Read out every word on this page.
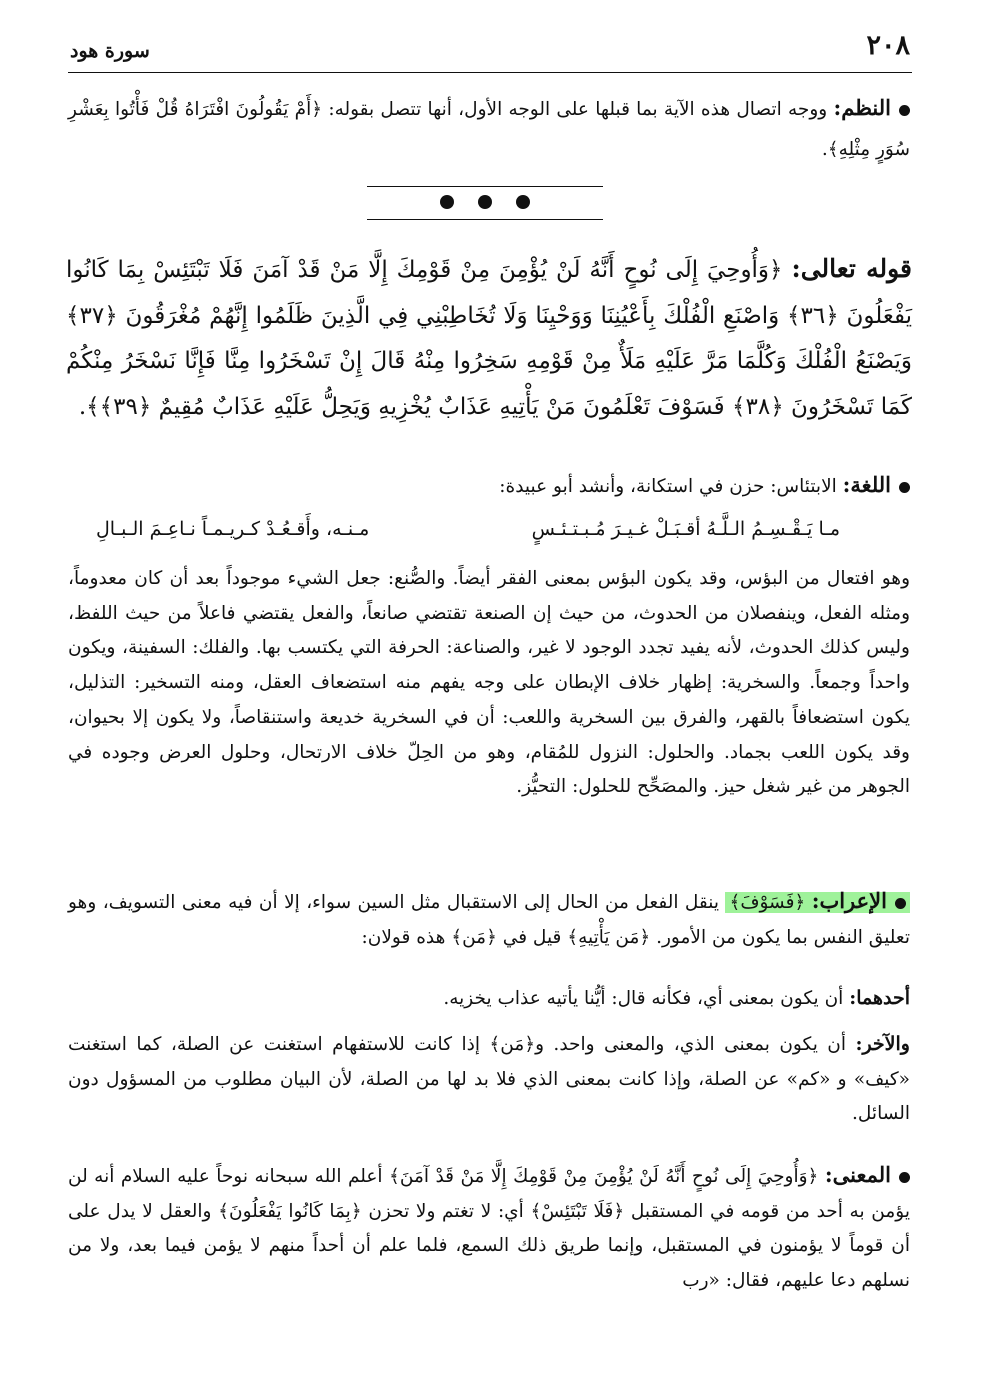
٢٠٨
سورة هود
النظم: ووجه اتصال هذه الآية بما قبلها على الوجه الأول، أنها تتصل بقوله: ﴿أَمْ يَقُولُونَ افْتَرَاهُ قُلْ فَأْتُوا بِعَشْرِ سُوَرٍ مِثْلِهِ﴾.
قوله تعالى: ﴿وَأُوحِيَ إِلَى نُوحٍ أَنَّهُ لَنْ يُؤْمِنَ مِنْ قَوْمِكَ إِلَّا مَنْ قَدْ آمَنَ فَلَا تَبْتَئِسْ بِمَا كَانُوا يَفْعَلُونَ ﴿٣٦﴾ وَاصْنَعِ الْفُلْكَ بِأَعْيُنِنَا وَوَحْيِنَا وَلَا تُخَاطِبْنِي فِي الَّذِينَ ظَلَمُوا إِنَّهُمْ مُغْرَقُونَ ﴿٣٧﴾ وَيَصْنَعُ الْفُلْكَ وَكُلَّمَا مَرَّ عَلَيْهِ مَلَأٌ مِنْ قَوْمِهِ سَخِرُوا مِنْهُ قَالَ إِنْ تَسْخَرُوا مِنَّا فَإِنَّا نَسْخَرُ مِنْكُمْ كَمَا تَسْخَرُونَ ﴿٣٨﴾ فَسَوْفَ تَعْلَمُونَ مَنْ يَأْتِيهِ عَذَابٌ يُخْزِيهِ وَيَحِلُّ عَلَيْهِ عَذَابٌ مُقِيمٌ ﴿٣٩﴾﴾.
اللغة: الابتئاس: حزن في استكانة، وأنشد أبو عبيدة:
مـا يَـقْـسِـمُ الـلَّـهُ أقـبَـلْ غـيـرَ مُـبـتـئـسٍ
مـنـه، وأَقـعُـدْ كـريـمـاً نـاعِـمَ الـبـالِ
وهو افتعال من البؤس، وقد يكون البؤس بمعنى الفقر أيضاً. والصُّنع: جعل الشيء موجوداً بعد أن كان معدوماً، ومثله الفعل، وينفصلان من الحدوث، من حيث إن الصنعة تقتضي صانعاً، والفعل يقتضي فاعلاً من حيث اللفظ، وليس كذلك الحدوث، لأنه يفيد تجدد الوجود لا غير، والصناعة: الحرفة التي يكتسب بها. والفلك: السفينة، ويكون واحداً وجمعاً. والسخرية: إظهار خلاف الإبطان على وجه يفهم منه استضعاف العقل، ومنه التسخير: التذليل، يكون استضعافاً بالقهر، والفرق بين السخرية واللعب: أن في السخرية خديعة واستنقاصاً، ولا يكون إلا بحيوان، وقد يكون اللعب بجماد. والحلول: النزول للمُقام، وهو من الحِلّ خلاف الارتحال، وحلول العرض وجوده في الجوهر من غير شغل حيز. والمصَحِّح للحلول: التحيُّز.
الإعراب: ﴿فَسَوْفَ﴾ ينقل الفعل من الحال إلى الاستقبال مثل السين سواء، إلا أن فيه معنى التسويف، وهو تعليق النفس بما يكون من الأمور. ﴿مَن يَأْتِيهِ﴾ قيل في ﴿مَن﴾ هذه قولان:
أحدهما: أن يكون بمعنى أي، فكأنه قال: أيُّنا يأتيه عذاب يخزيه.
والآخر: أن يكون بمعنى الذي، والمعنى واحد. و﴿مَن﴾ إذا كانت للاستفهام استغنت عن الصلة، كما استغنت «كيف» و «كم» عن الصلة، وإذا كانت بمعنى الذي فلا بد لها من الصلة، لأن البيان مطلوب من المسؤول دون السائل.
المعنى: ﴿وَأُوحِيَ إِلَى نُوحٍ أَنَّهُ لَنْ يُؤْمِنَ مِنْ قَوْمِكَ إِلَّا مَنْ قَدْ آمَنَ﴾ أعلم الله سبحانه نوحاً عليه السلام أنه لن يؤمن به أحد من قومه في المستقبل ﴿فَلَا تَبْتَئِسْ﴾ أي: لا تغتم ولا تحزن ﴿بِمَا كَانُوا يَفْعَلُونَ﴾ والعقل لا يدل على أن قوماً لا يؤمنون في المستقبل، وإنما طريق ذلك السمع، فلما علم أن أحداً منهم لا يؤمن فيما بعد، ولا من نسلهم دعا عليهم، فقال: «رب
